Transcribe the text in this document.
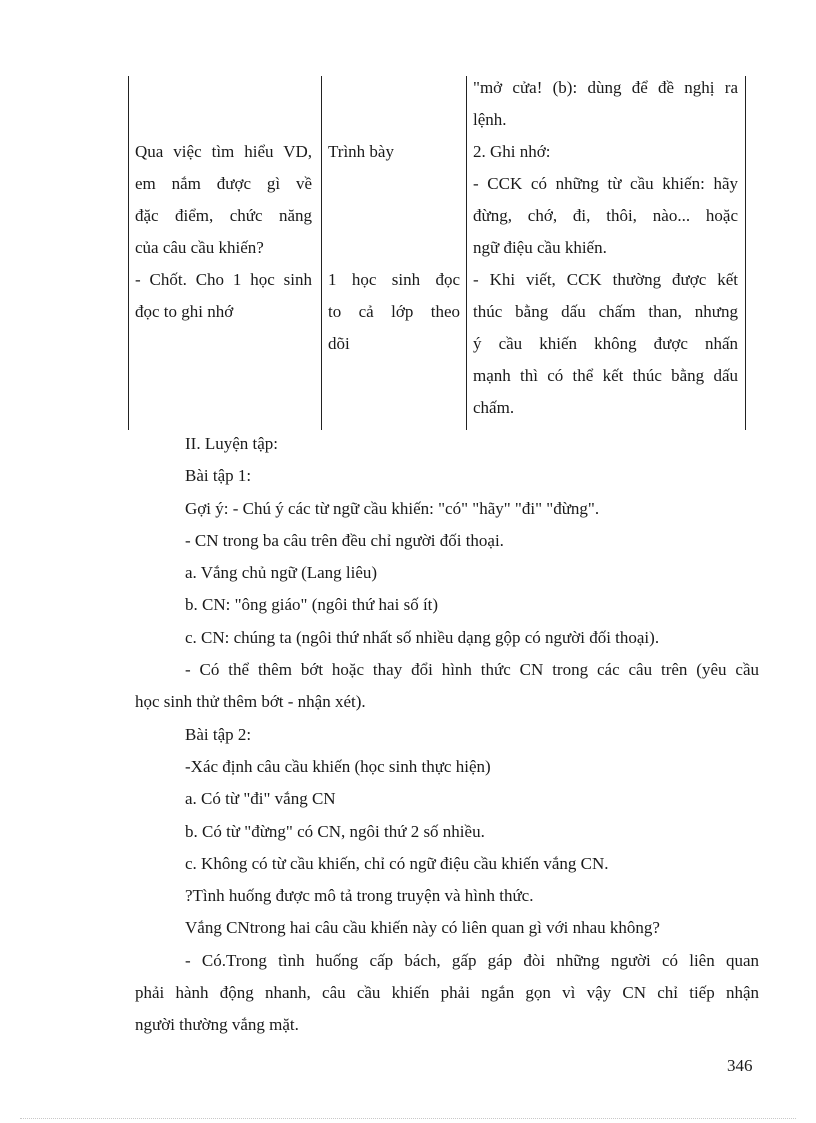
Qua việc tìm hiểu VD,

em nắm được gì về

đặc điểm, chức năng

của câu cầu khiến?

- Chốt. Cho 1 học sinh

đọc to ghi nhớ

Trình bày

1 học sinh đọc

to cả lớp theo

dõi

"mở cửa! (b): dùng để đề nghị ra

lệnh.

2. Ghi nhớ:

- CCK có những từ cầu khiến: hãy

đừng, chớ, đi, thôi, nào... hoặc

ngữ điệu cầu khiến.

- Khi viết, CCK thường được kết

thúc bằng dấu chấm than, nhưng

ý cầu khiến không được nhấn

mạnh thì có thể kết thúc bằng dấu

chấm.

II. Luyện tập:

Bài tập 1:

Gợi ý: - Chú ý các từ ngữ cầu khiến: "có" "hãy" "đi" "đừng".

- CN trong ba câu trên đều chỉ người đối thoại.

a. Vắng chủ ngữ (Lang liêu)

b. CN: "ông giáo" (ngôi thứ hai số ít)

c. CN: chúng ta (ngôi thứ nhất số nhiều dạng gộp có người đối thoại).

- Có thể thêm bớt hoặc thay đổi hình thức CN trong các câu trên (yêu cầu

học sinh thử thêm bớt - nhận xét).

Bài tập 2:

-Xác định câu cầu khiến (học sinh thực hiện)

a. Có từ "đi" vắng CN

b. Có từ "đừng" có CN, ngôi thứ 2 số nhiều.

c. Không có từ cầu khiến, chỉ có ngữ điệu cầu khiến vắng CN.

?Tình huống được mô tả trong truyện và hình thức.

Vắng CNtrong hai câu cầu khiến này có liên quan gì với nhau không?

- Có.Trong tình huống cấp bách, gấp gáp đòi những người có liên quan

phải hành động nhanh, câu cầu khiến phải ngắn gọn vì vậy CN chỉ tiếp nhận

người thường vắng mặt.

346
